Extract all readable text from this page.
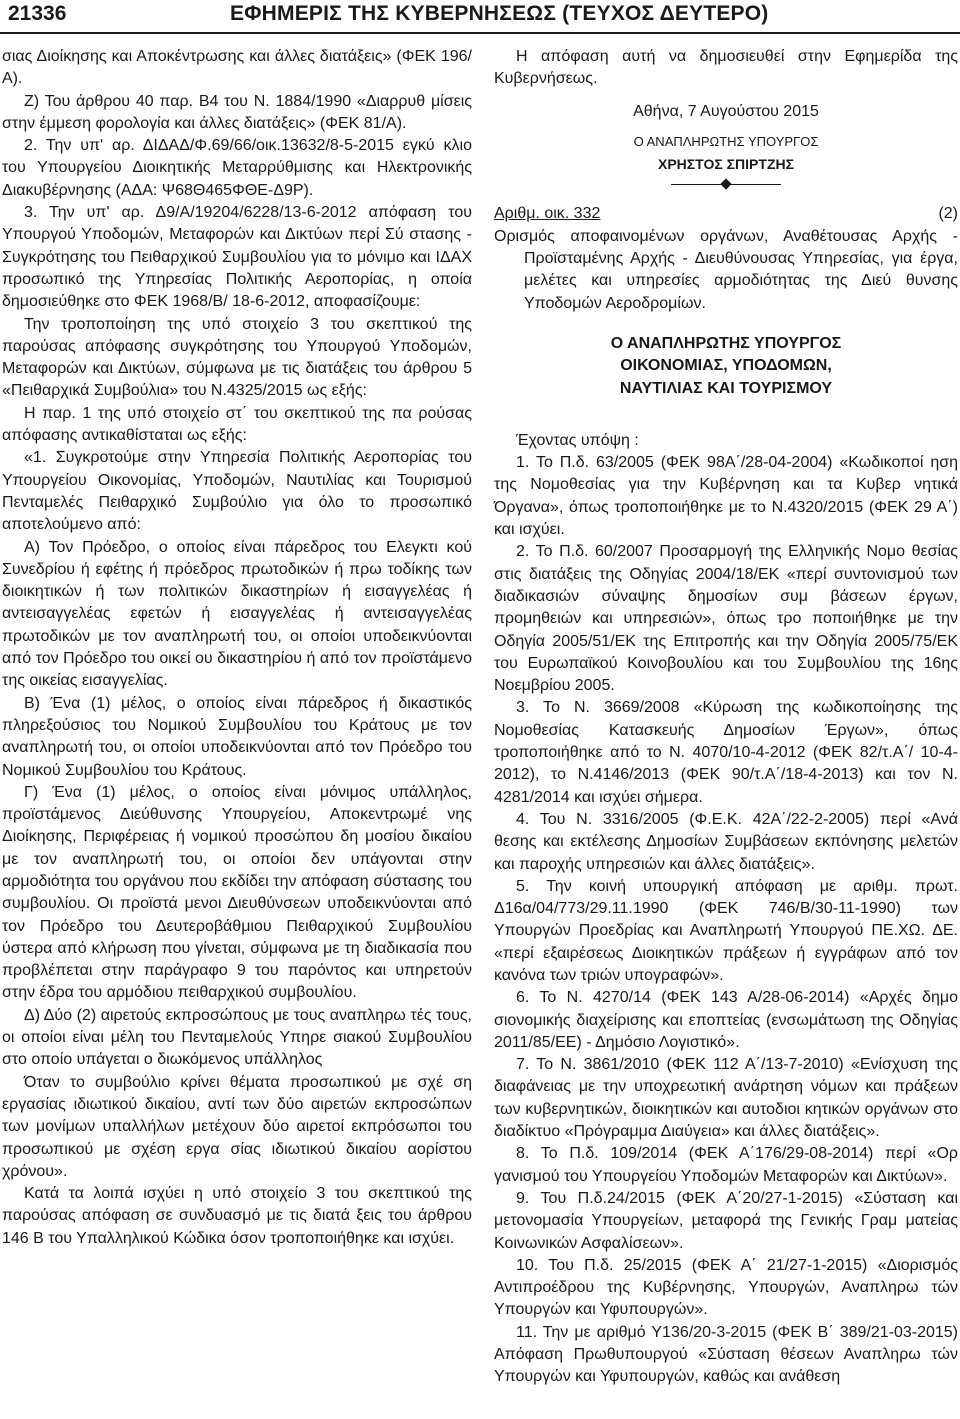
21336	ΕΦΗΜΕΡΙΣ ΤΗΣ ΚΥΒΕΡΝΗΣΕΩΣ (ΤΕΥΧΟΣ ΔΕΥΤΕΡΟ)

σιας Διοίκησης και Αποκέντρωσης και άλλες διατάξεις» (ΦΕΚ 196/Α).

Ζ) Του άρθρου 40 παρ. Β4 του Ν. 1884/1990 «Διαρρυθ μίσεις στην έμμεση φορολογία και άλλες διατάξεις» (ΦΕΚ 81/Α).

2. Την υπ' αρ. ΔΙΔΑΔ/Φ.69/66/οικ.13632/8-5-2015 εγκύ κλιο του Υπουργείου Διοικητικής Μεταρρύθμισης και Ηλεκτρονικής Διακυβέρνησης (ΑΔΑ: Ψ68Θ465ΦΘΕ-Δ9Ρ).

3. Την υπ' αρ. Δ9/Α/19204/6228/13-6-2012 απόφαση του Υπουργού Υποδομών, Μεταφορών και Δικτύων περί Σύ στασης - Συγκρότησης του Πειθαρχικού Συμβουλίου για το μόνιμο και ΙΔΑΧ προσωπικό της Υπηρεσίας Πολιτικής Αεροπορίας, η οποία δημοσιεύθηκε στο ΦΕΚ 1968/Β/ 18-6-2012, αποφασίζουμε:

Την τροποποίηση της υπό στοιχείο 3 του σκεπτικού της παρούσας απόφασης συγκρότησης του Υπουργού Υποδομών, Μεταφορών και Δικτύων, σύμφωνα με τις διατάξεις του άρθρου 5 «Πειθαρχικά Συμβούλια» του Ν.4325/2015 ως εξής:

Η παρ. 1 της υπό στοιχείο στ΄ του σκεπτικού της πα ρούσας απόφασης αντικαθίσταται ως εξής:

«1. Συγκροτούμε στην Υπηρεσία Πολιτικής Αεροπορίας του Υπουργείου Οικονομίας, Υποδομών, Ναυτιλίας και Τουρισμού Πενταμελές Πειθαρχικό Συμβούλιο για όλο το προσωπικό αποτελούμενο από:

Α) Τον Πρόεδρο, ο οποίος είναι πάρεδρος του Ελεγκτι κού Συνεδρίου ή εφέτης ή πρόεδρος πρωτοδικών ή πρω τοδίκης των διοικητικών ή των πολιτικών δικαστηρίων ή εισαγγελέας ή αντεισαγγελέας εφετών ή εισαγγελέας ή αντεισαγγελέας πρωτοδικών με τον αναπληρωτή του, οι οποίοι υποδεικνύονται από τον Πρόεδρο του οικεί ου δικαστηρίου ή από τον προϊστάμενο της οικείας εισαγγελίας.

Β) Ένα (1) μέλος, ο οποίος είναι πάρεδρος ή δικαστικός πληρεξούσιος του Νομικού Συμβουλίου του Κράτους με τον αναπληρωτή του, οι οποίοι υποδεικνύονται από τον Πρόεδρο του Νομικού Συμβουλίου του Κράτους.

Γ) Ένα (1) μέλος, ο οποίος είναι μόνιμος υπάλληλος, προϊστάμενος Διεύθυνσης Υπουργείου, Αποκεντρωμέ νης Διοίκησης, Περιφέρειας ή νομικού προσώπου δη μοσίου δικαίου με τον αναπληρωτή του, οι οποίοι δεν υπάγονται στην αρμοδιότητα του οργάνου που εκδίδει την απόφαση σύστασης του συμβουλίου. Οι προϊστά μενοι Διευθύνσεων υποδεικνύονται από τον Πρόεδρο του Δευτεροβάθμιου Πειθαρχικού Συμβουλίου ύστερα από κλήρωση που γίνεται, σύμφωνα με τη διαδικασία που προβλέπεται στην παράγραφο 9 του παρόντος και υπηρετούν στην έδρα του αρμόδιου πειθαρχικού συμβουλίου.

Δ) Δύο (2) αιρετούς εκπροσώπους με τους αναπληρω τές τους, οι οποίοι είναι μέλη του Πενταμελούς Υπηρε σιακού Συμβουλίου στο οποίο υπάγεται ο διωκόμενος υπάλληλος

Όταν το συμβούλιο κρίνει θέματα προσωπικού με σχέ ση εργασίας ιδιωτικού δικαίου, αντί των δύο αιρετών εκπροσώπων των μονίμων υπαλλήλων μετέχουν δύο αιρετοί εκπρόσωποι του προσωπικού με σχέση εργα σίας ιδιωτικού δικαίου αορίστου χρόνου».

Κατά τα λοιπά ισχύει η υπό στοιχείο 3 του σκεπτικού της παρούσας απόφαση σε συνδυασμό με τις διατά ξεις του άρθρου 146 Β του Υπαλληλικού Κώδικα όσον τροποποιήθηκε και ισχύει.

Η απόφαση αυτή να δημοσιευθεί στην Εφημερίδα της Κυβερνήσεως.

Αθήνα, 7 Αυγούστου 2015

Ο ΑΝΑΠΛΗΡΩΤΗΣ ΥΠΟΥΡΓΟΣ

ΧΡΗΣΤΟΣ ΣΠΙΡΤΖΗΣ

Αριθμ. οικ. 332	(2)

Ορισμός αποφαινομένων οργάνων, Αναθέτουσας Αρχής - Προϊσταμένης Αρχής - Διευθύνουσας Υπηρεσίας, για έργα, μελέτες και υπηρεσίες αρμοδιότητας της Διεύ θυνσης Υποδομών Αεροδρομίων.

Ο ΑΝΑΠΛΗΡΩΤΗΣ ΥΠΟΥΡΓΟΣ

ΟΙΚΟΝΟΜΙΑΣ, ΥΠΟΔΟΜΩΝ,

ΝΑΥΤΙΛΙΑΣ ΚΑΙ ΤΟΥΡΙΣΜΟΥ

Έχοντας υπόψη :

1. Το Π.δ. 63/2005 (ΦΕΚ 98Α΄/28-04-2004) «Κωδικοποί ηση της Νομοθεσίας για την Κυβέρνηση και τα Κυβερ νητικά Όργανα», όπως τροποποιήθηκε με το Ν.4320/2015 (ΦΕΚ 29 Α΄) και ισχύει.

2. Το Π.δ. 60/2007 Προσαρμογή της Ελληνικής Νομο θεσίας στις διατάξεις της Οδηγίας 2004/18/ΕΚ «περί συντονισμού των διαδικασιών σύναψης δημοσίων συμ βάσεων έργων, προμηθειών και υπηρεσιών», όπως τρο ποποιήθηκε με την Οδηγία 2005/51/ΕΚ της Επιτροπής και την Οδηγία 2005/75/ΕΚ του Ευρωπαϊκού Κοινοβουλίου και του Συμβουλίου της 16ης Νοεμβρίου 2005.

3. Το Ν. 3669/2008 «Κύρωση της κωδικοποίησης της Νομοθεσίας Κατασκευής Δημοσίων Έργων», όπως τροποποιήθηκε από το Ν. 4070/10-4-2012 (ΦΕΚ 82/τ.Α΄/ 10-4-2012), το Ν.4146/2013 (ΦΕΚ 90/τ.Α΄/18-4-2013) και τον Ν. 4281/2014 και ισχύει σήμερα.

4. Του Ν. 3316/2005 (Φ.Ε.Κ. 42Α΄/22-2-2005) περί «Ανά θεσης και εκτέλεσης Δημοσίων Συμβάσεων εκπόνησης μελετών και παροχής υπηρεσιών και άλλες διατάξεις».

5. Την κοινή υπουργική απόφαση με αριθμ. πρωτ. Δ16α/04/773/29.11.1990 (ΦΕΚ 746/Β/30-11-1990) των Υπουργών Προεδρίας και Αναπληρωτή Υπουργού ΠΕ.ΧΩ. ΔΕ. «περί εξαιρέσεως Διοικητικών πράξεων ή εγγράφων από τον κανόνα των τριών υπογραφών».

6. Το Ν. 4270/14 (ΦΕΚ 143 Α/28-06-2014) «Αρχές δημο σιονομικής διαχείρισης και εποπτείας (ενσωμάτωση της Οδηγίας 2011/85/ΕΕ) - Δημόσιο Λογιστικό».

7. Το Ν. 3861/2010 (ΦΕΚ 112 Α΄/13-7-2010) «Ενίσχυση της διαφάνειας με την υποχρεωτική ανάρτηση νόμων και πράξεων των κυβερνητικών, διοικητικών και αυτοδιοι κητικών οργάνων στο διαδίκτυο «Πρόγραμμα Διαύγεια» και άλλες διατάξεις».

8. Το Π.δ. 109/2014 (ΦΕΚ Α΄176/29-08-2014) περί «Ορ γανισμού του Υπουργείου Υποδομών Μεταφορών και Δικτύων».

9. Του Π.δ.24/2015 (ΦΕΚ Α΄20/27-1-2015) «Σύσταση και μετονομασία Υπουργείων, μεταφορά της Γενικής Γραμ ματείας Κοινωνικών Ασφαλίσεων».

10. Του Π.δ. 25/2015 (ΦΕΚ Α΄ 21/27-1-2015) «Διορισμός Αντιπροέδρου της Κυβέρνησης, Υπουργών, Αναπληρω τών Υπουργών και Υφυπουργών».

11. Την με αριθμό Υ136/20-3-2015 (ΦΕΚ Β΄ 389/21-03-2015) Απόφαση Πρωθυπουργού «Σύσταση θέσεων Αναπληρω τών Υπουργών και Υφυπουργών, καθώς και ανάθεση
